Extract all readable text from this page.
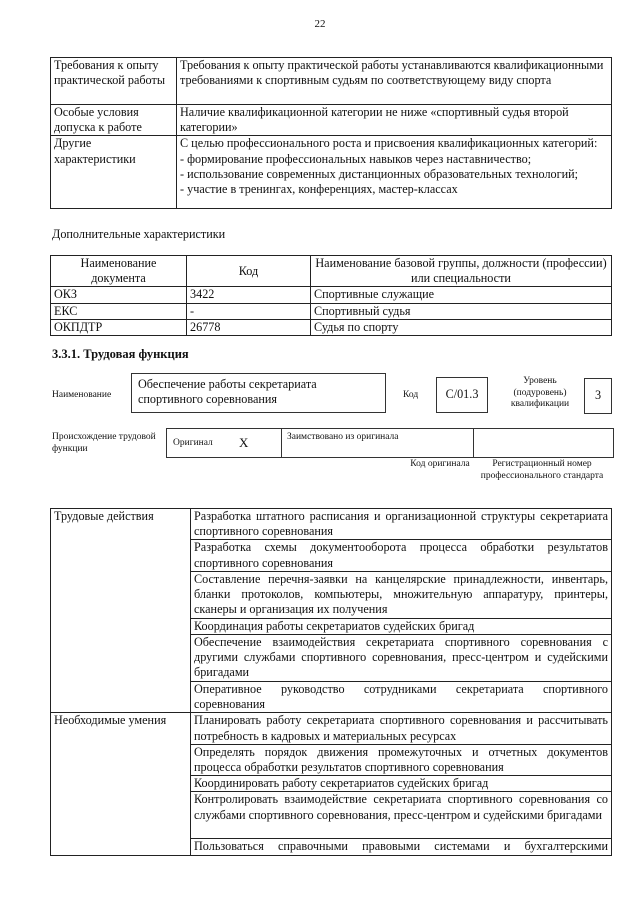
22
Требования к опыту практической работы	Требования к опыту практической работы устанавливаются квалификационными требованиями к спортивным судьям по соответствующему виду спорта
Особые условия допуска к работе	Наличие квалификационной категории не ниже «спортивный судья второй категории»
Другие характеристики	С целью профессионального роста и присвоения квалификационных категорий:
- формирование профессиональных навыков через наставничество;
- использование современных дистанционных образовательных технологий;
- участие в тренингах, конференциях, мастер-классах
Дополнительные характеристики
Наименование документа	Код	Наименование базовой группы, должности (профессии) или специальности
ОКЗ	3422	Спортивные служащие
ЕКС	-	Спортивный судья
ОКПДТР	26778	Судья по спорту
3.3.1. Трудовая функция
Наименование
Обеспечение работы секретариата спортивного соревнования	Код	C/01.3
Уровень (подуровень) квалификации
3
Происхождение трудовой функции
Оригинал X	Заимствовано из оригинала
Код оригинала	Регистрационный номер профессионального стандарта
Трудовые действия	Разработка штатного расписания и организационной структуры секретариата спортивного соревнования
	Разработка схемы документооборота процесса обработки результатов спортивного соревнования
	Составление перечня-заявки на канцелярские принадлежности, инвентарь, бланки протоколов, компьютеры, множительную аппаратуру, принтеры, сканеры и организация их получения
	Координация работы секретариатов судейских бригад
	Обеспечение взаимодействия секретариата спортивного соревнования с другими службами спортивного соревнования, пресс-центром и судейскими бригадами
	Оперативное руководство сотрудниками секретариата спортивного соревнования
Необходимые умения	Планировать работу секретариата спортивного соревнования и рассчитывать потребность в кадровых и материальных ресурсах
	Определять порядок движения промежуточных и отчетных документов процесса обработки результатов спортивного соревнования
	Координировать работу секретариатов судейских бригад
	Контролировать взаимодействие секретариата спортивного соревнования со службами спортивного соревнования, пресс-центром и судейскими бригадами
	Пользоваться справочными правовыми системами и бухгалтерскими
